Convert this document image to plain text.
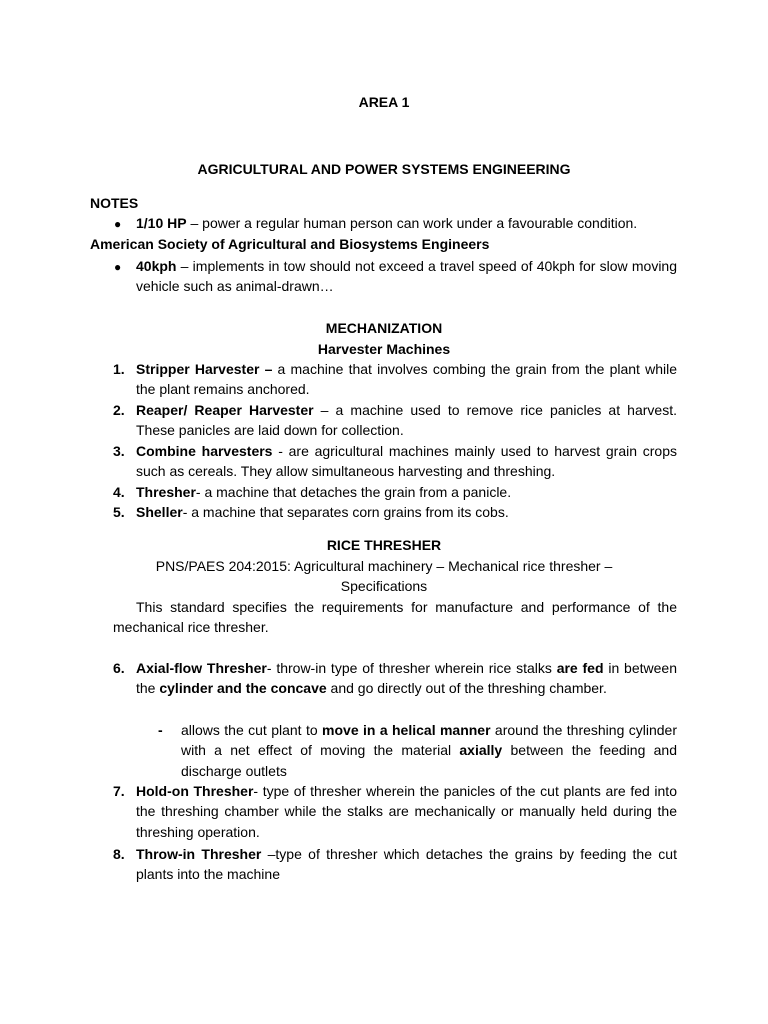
AREA 1
AGRICULTURAL AND POWER SYSTEMS ENGINEERING
NOTES
● 1/10 HP – power a regular human person can work under a favourable condition.
American Society of Agricultural and Biosystems Engineers
● 40kph – implements in tow should not exceed a travel speed of 40kph for slow moving vehicle such as animal-drawn…
MECHANIZATION
Harvester Machines
1. Stripper Harvester – a machine that involves combing the grain from the plant while the plant remains anchored.
2. Reaper/ Reaper Harvester – a machine used to remove rice panicles at harvest. These panicles are laid down for collection.
3. Combine harvesters - are agricultural machines mainly used to harvest grain crops such as cereals. They allow simultaneous harvesting and threshing.
4. Thresher- a machine that detaches the grain from a panicle.
5. Sheller- a machine that separates corn grains from its cobs.
RICE THRESHER
PNS/PAES 204:2015: Agricultural machinery – Mechanical rice thresher – Specifications
This standard specifies the requirements for manufacture and performance of the mechanical rice thresher.
6. Axial-flow Thresher- throw-in type of thresher wherein rice stalks are fed in between the cylinder and the concave and go directly out of the threshing chamber.
- allows the cut plant to move in a helical manner around the threshing cylinder with a net effect of moving the material axially between the feeding and discharge outlets
7. Hold-on Thresher- type of thresher wherein the panicles of the cut plants are fed into the threshing chamber while the stalks are mechanically or manually held during the threshing operation.
8. Throw-in Thresher –type of thresher which detaches the grains by feeding the cut plants into the machine
